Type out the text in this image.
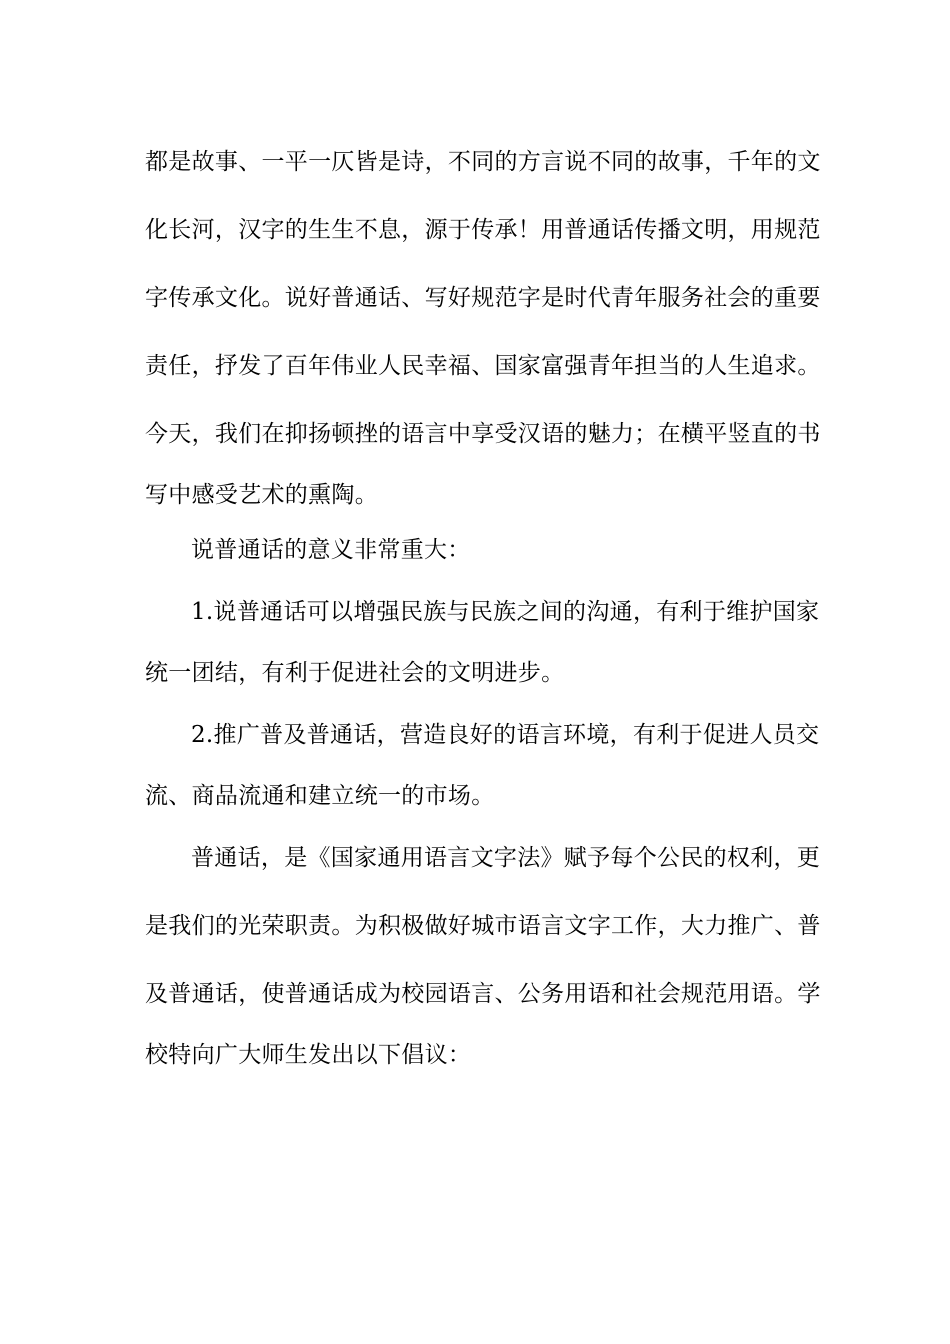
都是故事、一平一仄皆是诗，不同的方言说不同的故事，千年的文
化长河，汉字的生生不息，源于传承！用普通话传播文明，用规范
字传承文化。说好普通话、写好规范字是时代青年服务社会的重要
责任，抒发了百年伟业人民幸福、国家富强青年担当的人生追求。
今天，我们在抑扬顿挫的语言中享受汉语的魅力；在横平竖直的书
写中感受艺术的熏陶。
说普通话的意义非常重大：
1.说普通话可以增强民族与民族之间的沟通，有利于维护国家
统一团结，有利于促进社会的文明进步。
2.推广普及普通话，营造良好的语言环境，有利于促进人员交
流、商品流通和建立统一的市场。
普通话，是《国家通用语言文字法》赋予每个公民的权利，更
是我们的光荣职责。为积极做好城市语言文字工作，大力推广、普
及普通话，使普通话成为校园语言、公务用语和社会规范用语。学
校特向广大师生发出以下倡议：
